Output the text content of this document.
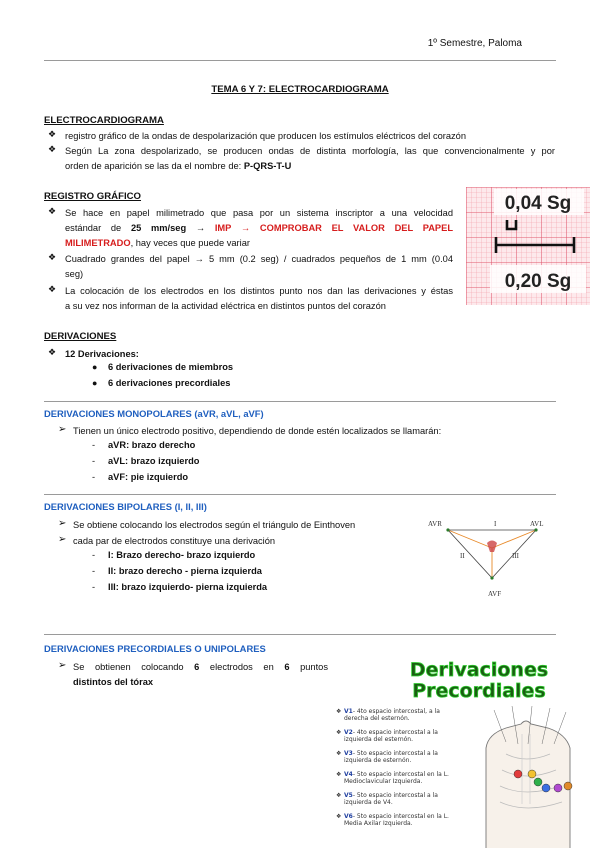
1º Semestre, Paloma
TEMA 6 Y 7: ELECTROCARDIOGRAMA
ELECTROCARDIOGRAMA
❖ registro gráfico de la ondas de despolarización que producen los estímulos eléctricos del corazón
❖ Según La zona despolarizado, se producen ondas de distinta morfología, las que convencionalmente y por
orden de aparición se las da el nombre de: P-QRS-T-U
REGISTRO GRÁFICO
❖ Se hace en papel milimetrado que pasa por un sistema inscriptor a una velocidad
estándar de 25 mm/seg → IMP → COMPROBAR EL VALOR DEL PAPEL
MILIMETRADO, hay veces que puede variar
❖ Cuadrado grandes del papel → 5 mm (0.2 seg) / cuadrados pequeños de 1 mm (0.04
seg)
❖ La colocación de los electrodos en los distintos punto nos dan las derivaciones y éstas
a su vez nos informan de la actividad eléctrica en distintos puntos del corazón
0,04 Sg
0,20 Sg
DERIVACIONES
❖ 12 Derivaciones:
● 6 derivaciones de miembros
● 6 derivaciones precordiales
DERIVACIONES MONOPOLARES (aVR, aVL, aVF)
➢ Tienen un único electrodo positivo, dependiendo de donde estén localizados se llamarán:
- aVR: brazo derecho
- aVL: brazo izquierdo
- aVF: pie izquierdo
DERIVACIONES BIPOLARES (I, II, III)
➢ Se obtiene colocando los electrodos según el triángulo de Einthoven
➢ cada par de electrodos constituye una derivación
- I: Brazo derecho- brazo izquierdo
- II: brazo derecho - pierna izquierda
- III: brazo izquierdo- pierna izquierda
AVR	AVL
AVF
I
II	III
DERIVACIONES PRECORDIALES O UNIPOLARES
➢ Se obtienen colocando 6 electrodos en 6 puntos
distintos del tórax
Derivaciones
Precordiales
❖ V1- 4to espacio intercostal, a la derecha del esternón.
❖ V2- 4to espacio intercostal a la izquierda del esternón.
❖ V3- 5to espacio intercostal a la izquierda de esternón.
❖ V4- 5to espacio intercostal en la L. Medioclavicular Izquierda.
❖ V5- 5to espacio intercostal a la izquierda de V4.
❖ V6- 5to espacio intercostal en la L. Media Axilar Izquierda.
